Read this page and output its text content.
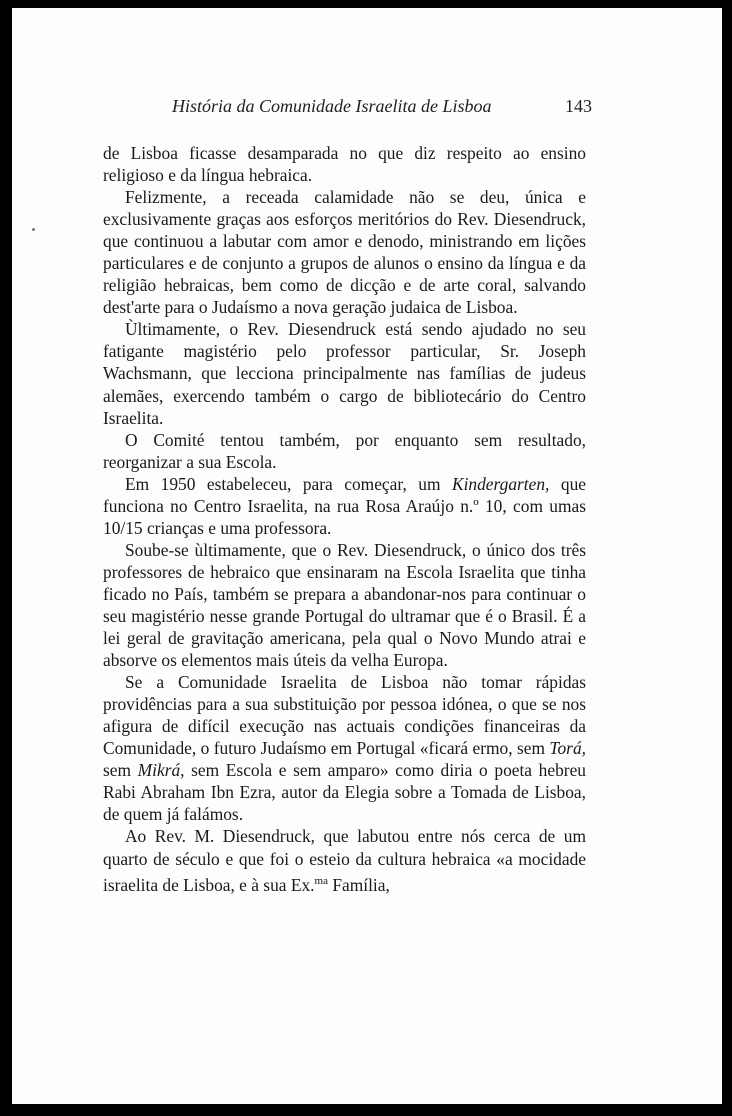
História da Comunidade Israelita de Lisboa	143

de Lisboa ficasse desamparada no que diz respeito ao ensino religioso e da língua hebraica.

Felizmente, a receada calamidade não se deu, única e exclusivamente graças aos esforços meritórios do Rev. Diesendruck, que continuou a labutar com amor e denodo, ministrando em lições particulares e de conjunto a grupos de alunos o ensino da língua e da religião hebraicas, bem como de dicção e de arte coral, salvando dest'arte para o Judaísmo a nova geração judaica de Lisboa.

Ùltimamente, o Rev. Diesendruck está sendo ajudado no seu fatigante magistério pelo professor particular, Sr. Joseph Wachsmann, que lecciona principalmente nas famílias de judeus alemães, exercendo também o cargo de bibliotecário do Centro Israelita.

O Comité tentou também, por enquanto sem resultado, reorganizar a sua Escola.

Em 1950 estabeleceu, para começar, um Kindergarten, que funciona no Centro Israelita, na rua Rosa Araújo n.º 10, com umas 10/15 crianças e uma professora.

Soube-se ùltimamente, que o Rev. Diesendruck, o único dos três professores de hebraico que ensinaram na Escola Israelita que tinha ficado no País, também se prepara a abandonar-nos para continuar o seu magistério nesse grande Portugal do ultramar que é o Brasil. É a lei geral de gravitação americana, pela qual o Novo Mundo atrai e absorve os elementos mais úteis da velha Europa.

Se a Comunidade Israelita de Lisboa não tomar rápidas providências para a sua substituição por pessoa idónea, o que se nos afigura de difícil execução nas actuais condições financeiras da Comunidade, o futuro Judaísmo em Portugal «ficará ermo, sem Torá, sem Mikrá, sem Escola e sem amparo» como diria o poeta hebreu Rabi Abraham Ibn Ezra, autor da Elegia sobre a Tomada de Lisboa, de quem já falámos.

Ao Rev. M. Diesendruck, que labutou entre nós cerca de um quarto de século e que foi o esteio da cultura hebraica «a mocidade israelita de Lisboa, e à sua Ex.$^{ma}$ Família,
